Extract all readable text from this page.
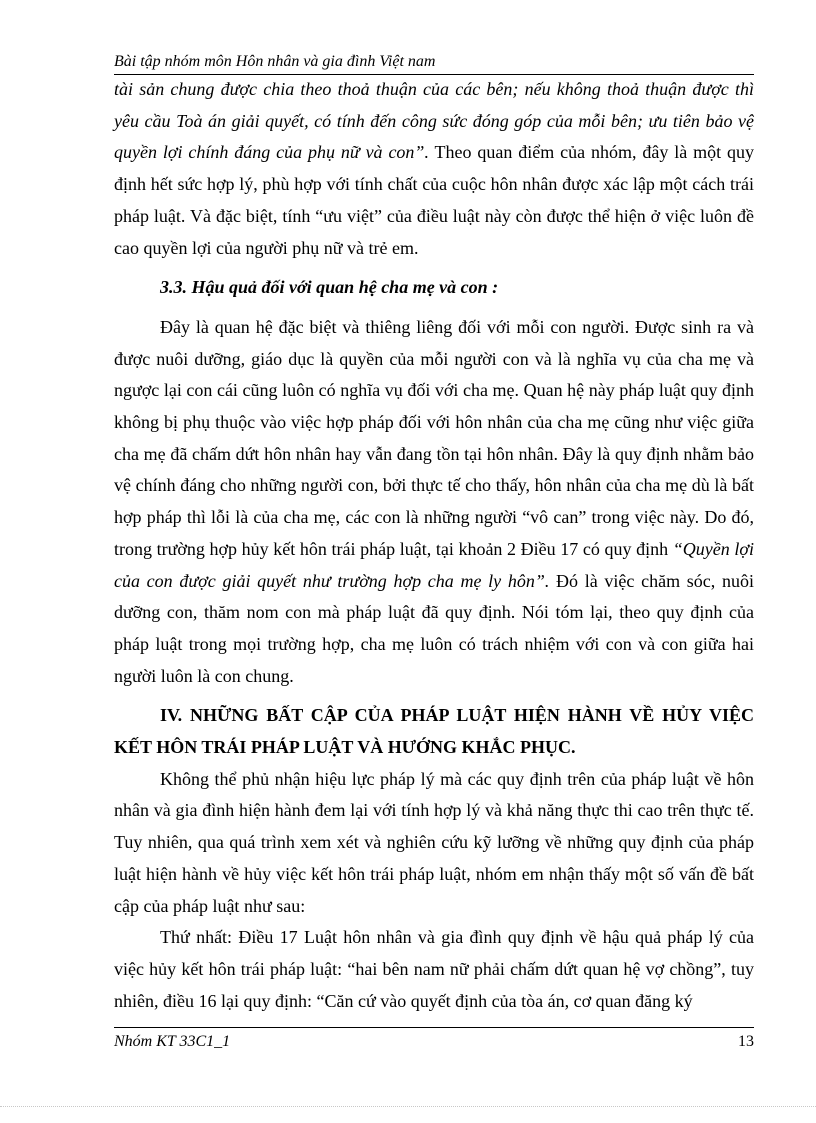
Bài tập nhóm môn Hôn nhân và gia đình Việt nam

tài sản chung được chia theo thoả thuận của các bên; nếu không thoả thuận được thì yêu cầu Toà án giải quyết, có tính đến công sức đóng góp của mỗi bên; ưu tiên bảo vệ quyền lợi chính đáng của phụ nữ và con”. Theo quan điểm của nhóm, đây là một quy định hết sức hợp lý, phù hợp với tính chất của cuộc hôn nhân được xác lập một cách trái pháp luật. Và đặc biệt, tính “ưu việt” của điều luật này còn được thể hiện ở việc luôn đề cao quyền lợi của người phụ nữ và trẻ em.

3.3. Hậu quả đối với quan hệ cha mẹ và con :

Đây là quan hệ đặc biệt và thiêng liêng đối với mỗi con người. Được sinh ra và được nuôi dưỡng, giáo dục là quyền của mỗi người con và là nghĩa vụ của cha mẹ và ngược lại con cái cũng luôn có nghĩa vụ đối với cha mẹ. Quan hệ này pháp luật quy định không bị phụ thuộc vào việc hợp pháp đối với hôn nhân của cha mẹ cũng như việc giữa cha mẹ đã chấm dứt hôn nhân hay vẫn đang tồn tại hôn nhân. Đây là quy định nhằm bảo vệ chính đáng cho những người con, bởi thực tế cho thấy, hôn nhân của cha mẹ dù là bất hợp pháp thì lỗi là của cha mẹ, các con là những người “vô can” trong việc này. Do đó, trong trường hợp hủy kết hôn trái pháp luật, tại khoản 2 Điều 17 có quy định “Quyền lợi của con được giải quyết như trường hợp cha mẹ ly hôn”. Đó là việc chăm sóc, nuôi dưỡng con, thăm nom con mà pháp luật đã quy định. Nói tóm lại, theo quy định của pháp luật trong mọi trường hợp, cha mẹ luôn có trách nhiệm với con và con giữa hai người luôn là con chung.

IV. NHỮNG BẤT CẬP CỦA PHÁP LUẬT HIỆN HÀNH VỀ HỦY VIỆC KẾT HÔN TRÁI PHÁP LUẬT VÀ HƯỚNG KHẮC PHỤC.

Không thể phủ nhận hiệu lực pháp lý mà các quy định trên của pháp luật về hôn nhân và gia đình hiện hành đem lại với tính hợp lý và khả năng thực thi cao trên thực tế. Tuy nhiên, qua quá trình xem xét và nghiên cứu kỹ lưỡng về những quy định của pháp luật hiện hành về hủy việc kết hôn trái pháp luật, nhóm em nhận thấy một số vấn đề bất cập của pháp luật như sau:

Thứ nhất: Điều 17 Luật hôn nhân và gia đình quy định về hậu quả pháp lý của việc hủy kết hôn trái pháp luật: “hai bên nam nữ phải chấm dứt quan hệ vợ chồng”, tuy nhiên, điều 16 lại quy định: “Căn cứ vào quyết định của tòa án, cơ quan đăng ký

Nhóm KT 33C1_1	13
